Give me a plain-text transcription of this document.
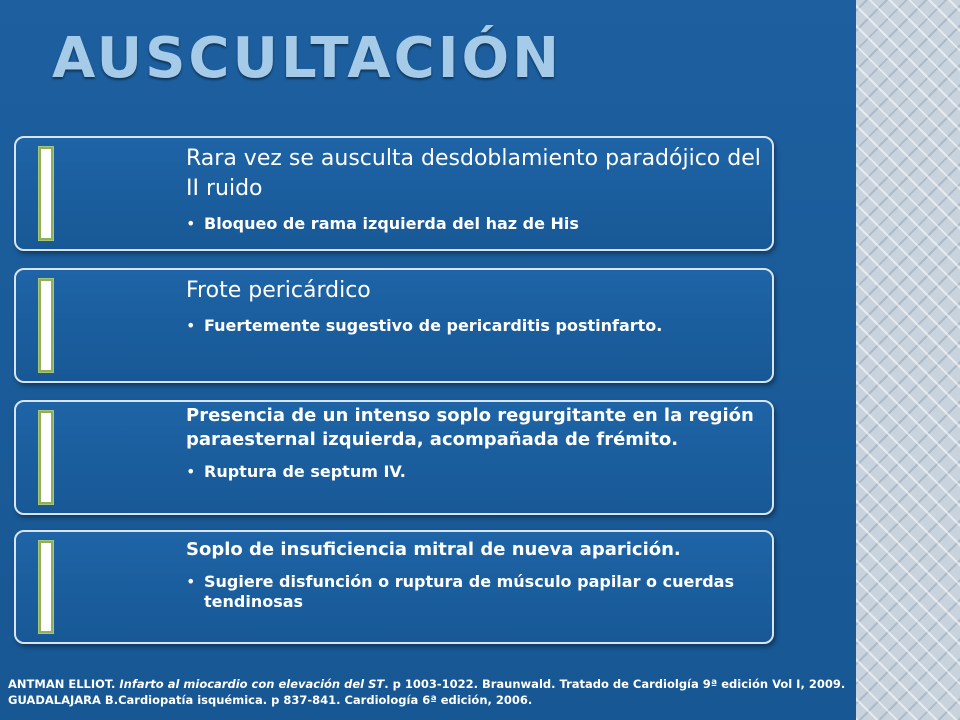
AUSCULTACIÓN

Rara vez se ausculta desdoblamiento paradójico del II ruido

• Bloqueo de rama izquierda del haz de His

Frote pericárdico

• Fuertemente sugestivo de pericarditis postinfarto.

Presencia de un intenso soplo regurgitante en la región paraesternal izquierda, acompañada de frémito.

• Ruptura de septum IV.

Soplo de insuficiencia mitral de nueva aparición.

• Sugiere disfunción o ruptura de músculo papilar o cuerdas tendinosas

ANTMAN ELLIOT. Infarto al miocardio con elevación del ST. p 1003-1022. Braunwald. Tratado de Cardiolgía 9ª edición Vol I, 2009.

GUADALAJARA B.Cardiopatía isquémica. p 837-841. Cardiología 6ª edición, 2006.
